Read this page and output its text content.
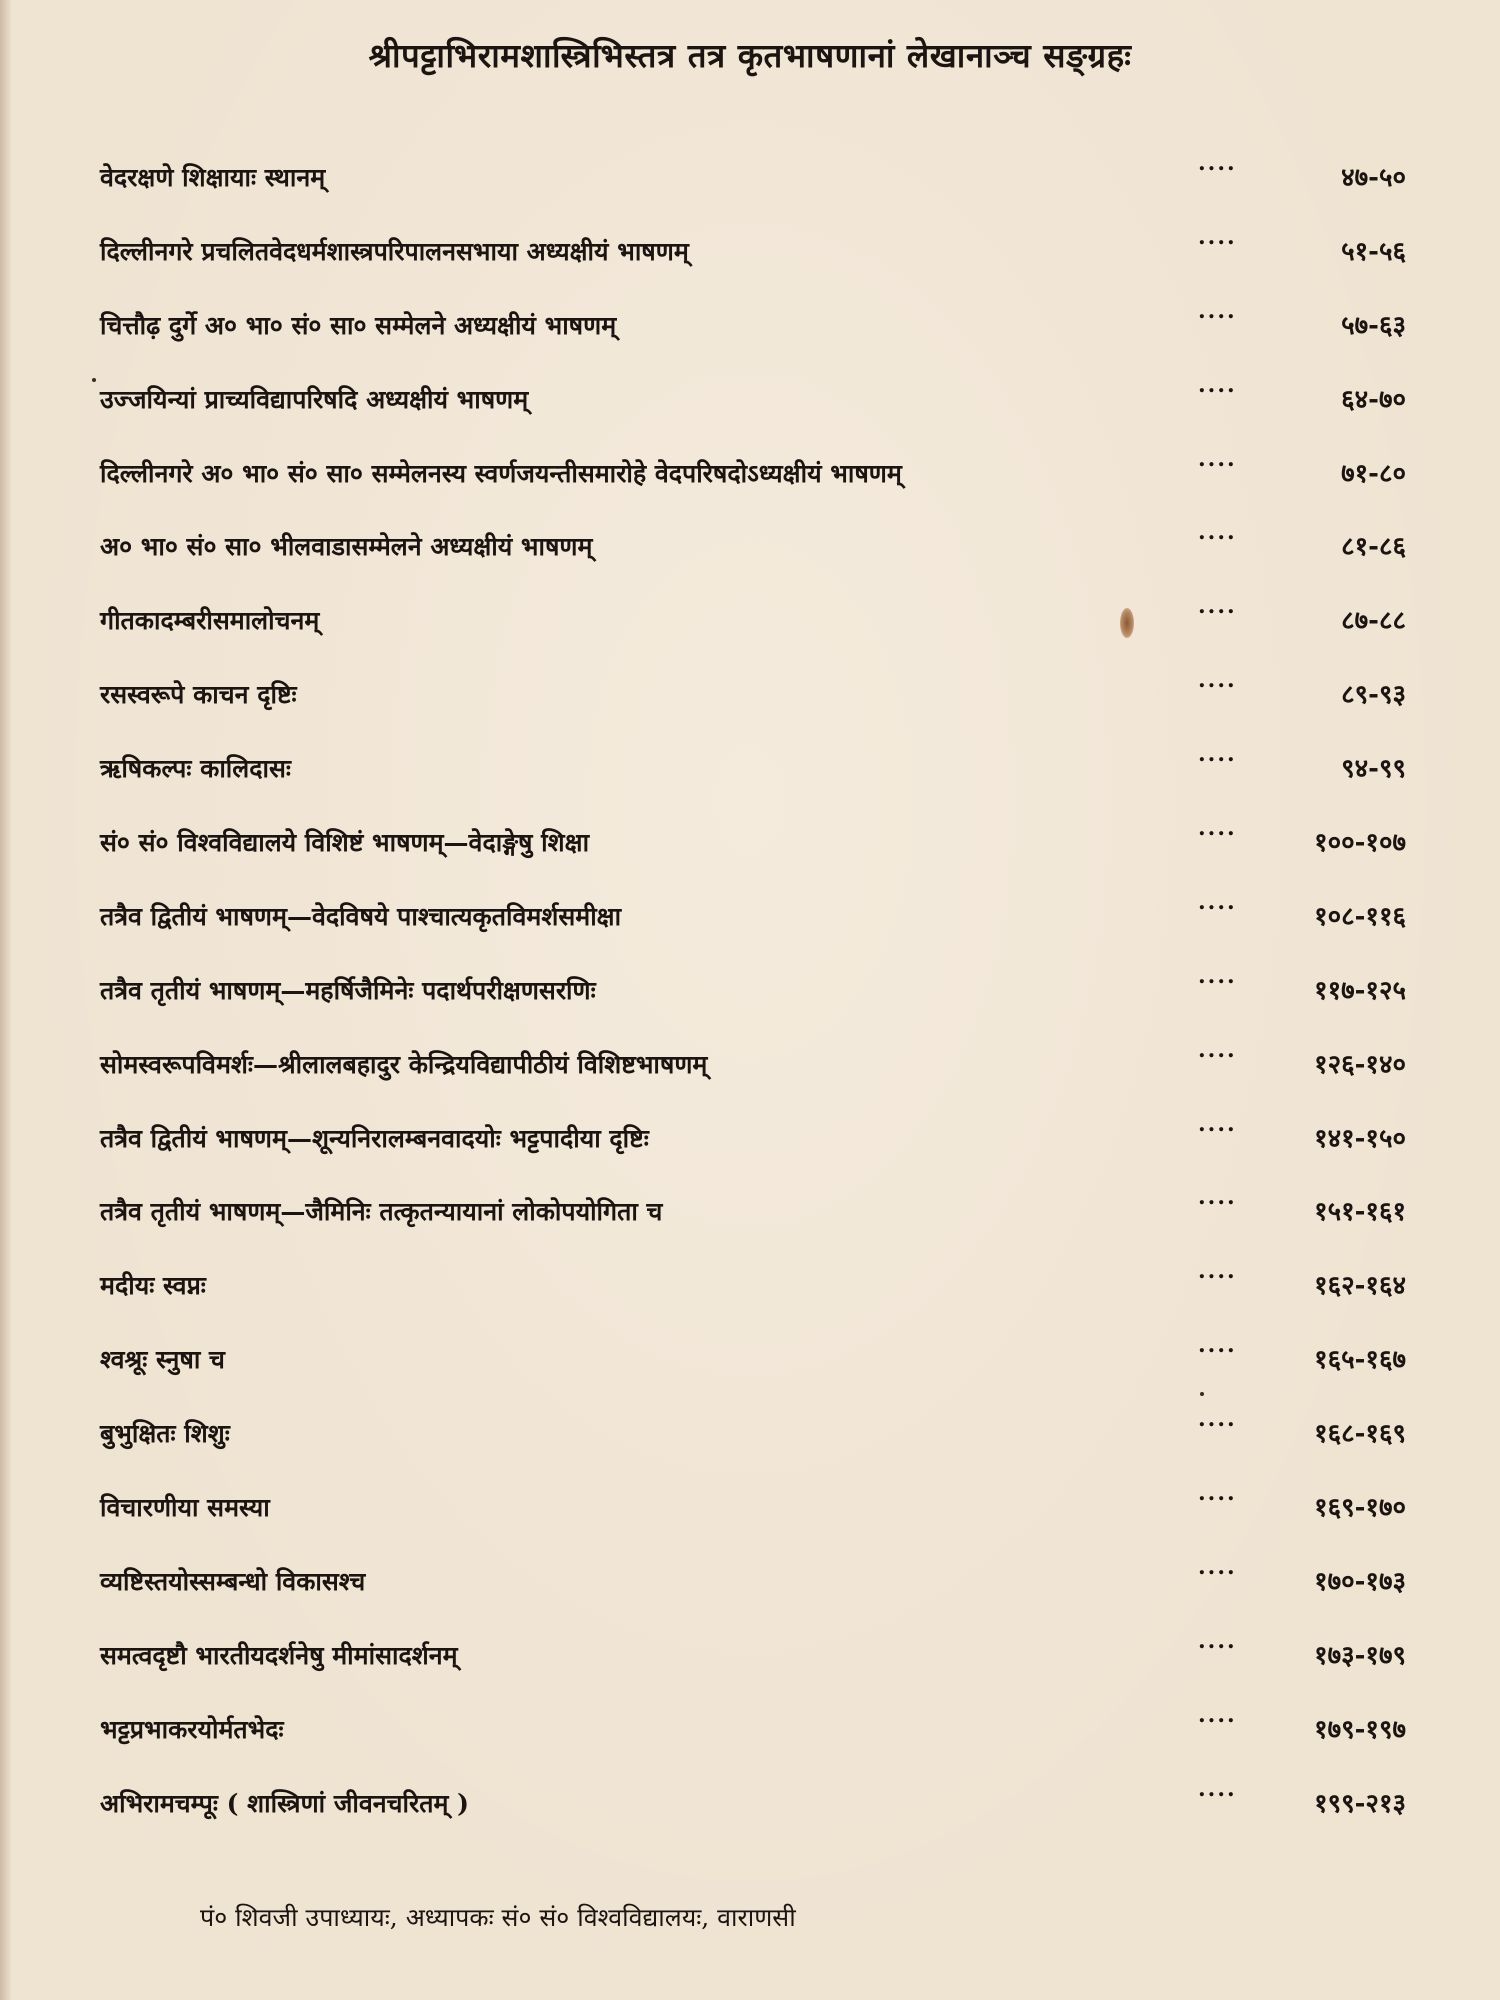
श्रीपट्टाभिरामशास्त्रिभिस्तत्र तत्र कृतभाषणानां लेखानाञ्च सङ्ग्रहः
वेदरक्षणे शिक्षायाः स्थानम्	....	४७-५०
दिल्लीनगरे प्रचलितवेदधर्मशास्त्रपरिपालनसभाया अध्यक्षीयं भाषणम्	....	५१-५६
चित्तौढ़ दुर्गे अ० भा० सं० सा० सम्मेलने अध्यक्षीयं भाषणम्	....	५७-६३
उज्जयिन्यां प्राच्यविद्यापरिषदि अध्यक्षीयं भाषणम्	....	६४-७०
दिल्लीनगरे अ० भा० सं० सा० सम्मेलनस्य स्वर्णजयन्तीसमारोहे वेदपरिषदोऽध्यक्षीयं भाषणम्	....	७१-८०
अ० भा० सं० सा० भीलवाडासम्मेलने अध्यक्षीयं भाषणम्	....	८१-८६
गीतकादम्बरीसमालोचनम्	....	८७-८८
रसस्वरूपे काचन दृष्टिः	....	८९-९३
ऋषिकल्पः कालिदासः	....	९४-९९
सं० सं० विश्वविद्यालये विशिष्टं भाषणम्—वेदाङ्गेषु शिक्षा	....	१००-१०७
तत्रैव द्वितीयं भाषणम्—वेदविषये पाश्चात्यकृतविमर्शसमीक्षा	....	१०८-११६
तत्रैव तृतीयं भाषणम्—महर्षिजैमिनेः पदार्थपरीक्षणसरणिः	....	११७-१२५
सोमस्वरूपविमर्शः—श्रीलालबहादुर केन्द्रियविद्यापीठीयं विशिष्टभाषणम्	....	१२६-१४०
तत्रैव द्वितीयं भाषणम्—शून्यनिरालम्बनवादयोः भट्टपादीया दृष्टिः	....	१४१-१५०
तत्रैव तृतीयं भाषणम्—जैमिनिः तत्कृतन्यायानां लोकोपयोगिता च	....	१५१-१६१
मदीयः स्वप्नः	....	१६२-१६४
श्वश्रूः स्नुषा च	....	१६५-१६७
बुभुक्षितः शिशुः	....	१६८-१६९
विचारणीया समस्या	....	१६९-१७०
व्यष्टिस्तयोस्सम्बन्धो विकासश्च	....	१७०-१७३
समत्वदृष्टौ भारतीयदर्शनेषु मीमांसादर्शनम्	....	१७३-१७९
भट्टप्रभाकरयोर्मतभेदः	....	१७९-१९७
अभिरामचम्पूः ( शास्त्रिणां जीवनचरितम् )	....	१९९-२१३
पं० शिवजी उपाध्यायः, अध्यापकः सं० सं० विश्वविद्यालयः, वाराणसी
